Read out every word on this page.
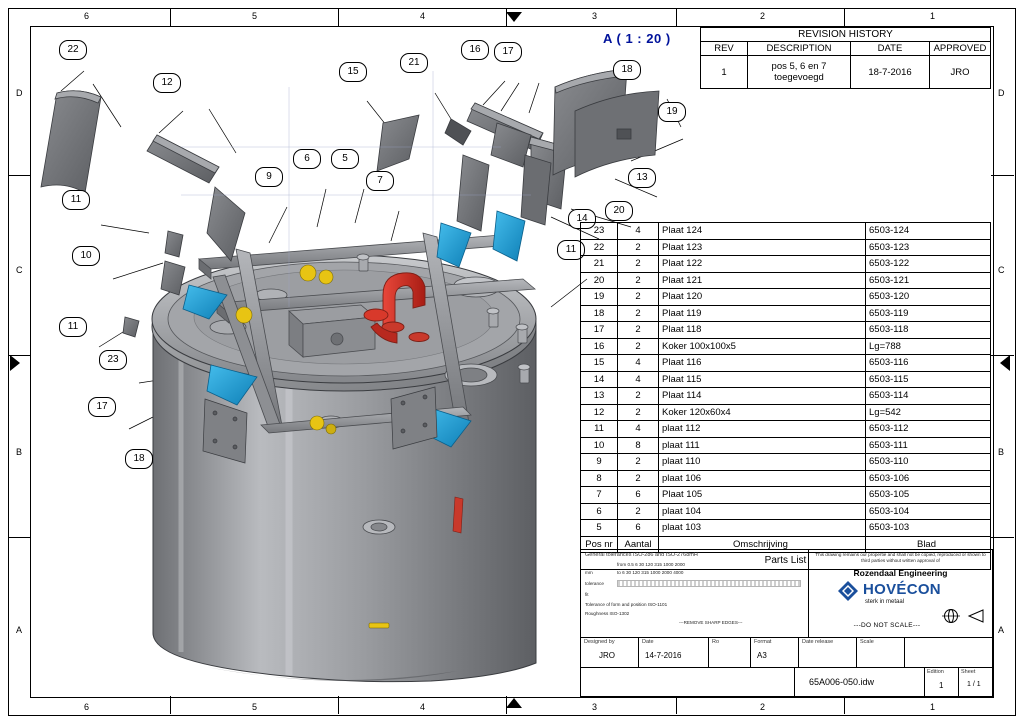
6	5	4	3	2	1
6	5	4	3	2	1
D
C
B
A
D
C
B
A
A ( 1 : 20 )
22
12
15
21
16	17
18
19
13
14
20
9
6	5
7
11
10
11
23
17
18
11
REVISION HISTORY			
REV	DESCRIPTION	DATE	APPROVED
1	pos 5, 6 en 7 toegevoegd	18-7-2016	JRO
23	4	Plaat 124	6503-124
22	2	Plaat 123	6503-123
21	2	Plaat 122	6503-122
20	2	Plaat 121	6503-121
19	2	Plaat 120	6503-120
18	2	Plaat 119	6503-119
17	2	Plaat 118	6503-118
16	2	Koker 100x100x5	Lg=788
15	4	Plaat 116	6503-116
14	4	Plaat 115	6503-115
13	2	Plaat 114	6503-114
12	2	Koker 120x60x4	Lg=542
11	4	plaat 112	6503-112
10	8	plaat 111	6503-111
9	2	plaat 110	6503-110
8	2	plaat 106	6503-106
7	6	Plaat 105	6503-105
6	2	plaat 104	6503-104
5	6	plaat 103	6503-103
Pos nr	Aantal	Omschrijving	Blad
Parts List			
General tolerances ISO-286 and ISO-2768mH
from 0.5 6 30 120 315 1000 2000
to 6 30 120 315 1000 2000 4000
mm
tolerance
fit
Tolerance of form and position ISO-1101
Roughness ISO-1302
---REMOVE SHARP EDGES---
This drawing remains our propertie and shall not be copied, reproduced or shown to third parties without written approval of
Rozendaal Engineering
HOVÉCON
sterk in metaal
---DO NOT SCALE---
Designed by
JRO
Date
14-7-2016
Ro	Format
A3
Date release	Scale
65A006-050.idw
Edition
1
Sheet
1 / 1
